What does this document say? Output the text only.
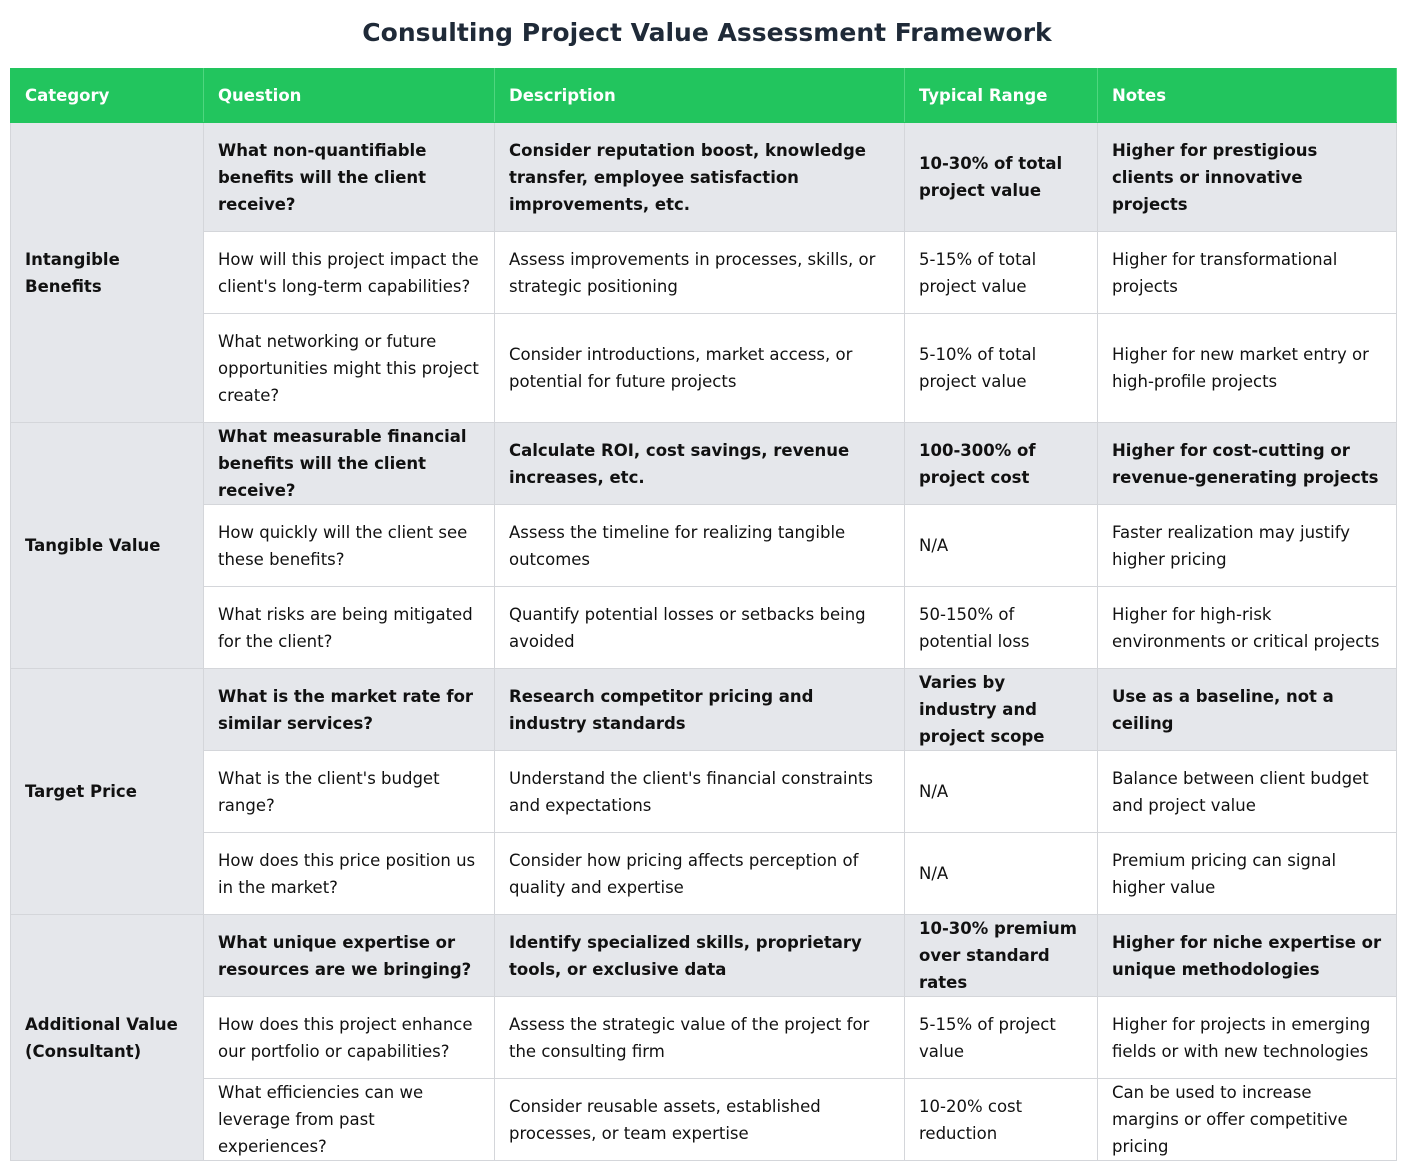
Consulting Project Value Assessment Framework
Category	Question	Description	Typical Range	Notes
Intangible Benefits	What non-quantifiable benefits will the client receive?	Consider reputation boost, knowledge transfer, employee satisfaction improvements, etc.	10-30% of total project value	Higher for prestigious clients or innovative projects
	How will this project impact the client's long-term capabilities?	Assess improvements in processes, skills, or strategic positioning	5-15% of total project value	Higher for transformational projects
	What networking or future opportunities might this project create?	Consider introductions, market access, or potential for future projects	5-10% of total project value	Higher for new market entry or high-profile projects
Tangible Value	What measurable financial benefits will the client receive?	Calculate ROI, cost savings, revenue increases, etc.	100-300% of project cost	Higher for cost-cutting or revenue-generating projects
	How quickly will the client see these benefits?	Assess the timeline for realizing tangible outcomes	N/A	Faster realization may justify higher pricing
	What risks are being mitigated for the client?	Quantify potential losses or setbacks being avoided	50-150% of potential loss	Higher for high-risk environments or critical projects
Target Price	What is the market rate for similar services?	Research competitor pricing and industry standards	Varies by industry and project scope	Use as a baseline, not a ceiling
	What is the client's budget range?	Understand the client's financial constraints and expectations	N/A	Balance between client budget and project value
	How does this price position us in the market?	Consider how pricing affects perception of quality and expertise	N/A	Premium pricing can signal higher value
Additional Value (Consultant)	What unique expertise or resources are we bringing?	Identify specialized skills, proprietary tools, or exclusive data	10-30% premium over standard rates	Higher for niche expertise or unique methodologies
	How does this project enhance our portfolio or capabilities?	Assess the strategic value of the project for the consulting firm	5-15% of project value	Higher for projects in emerging fields or with new technologies
	What efficiencies can we leverage from past experiences?	Consider reusable assets, established processes, or team expertise	10-20% cost reduction	Can be used to increase margins or offer competitive pricing
